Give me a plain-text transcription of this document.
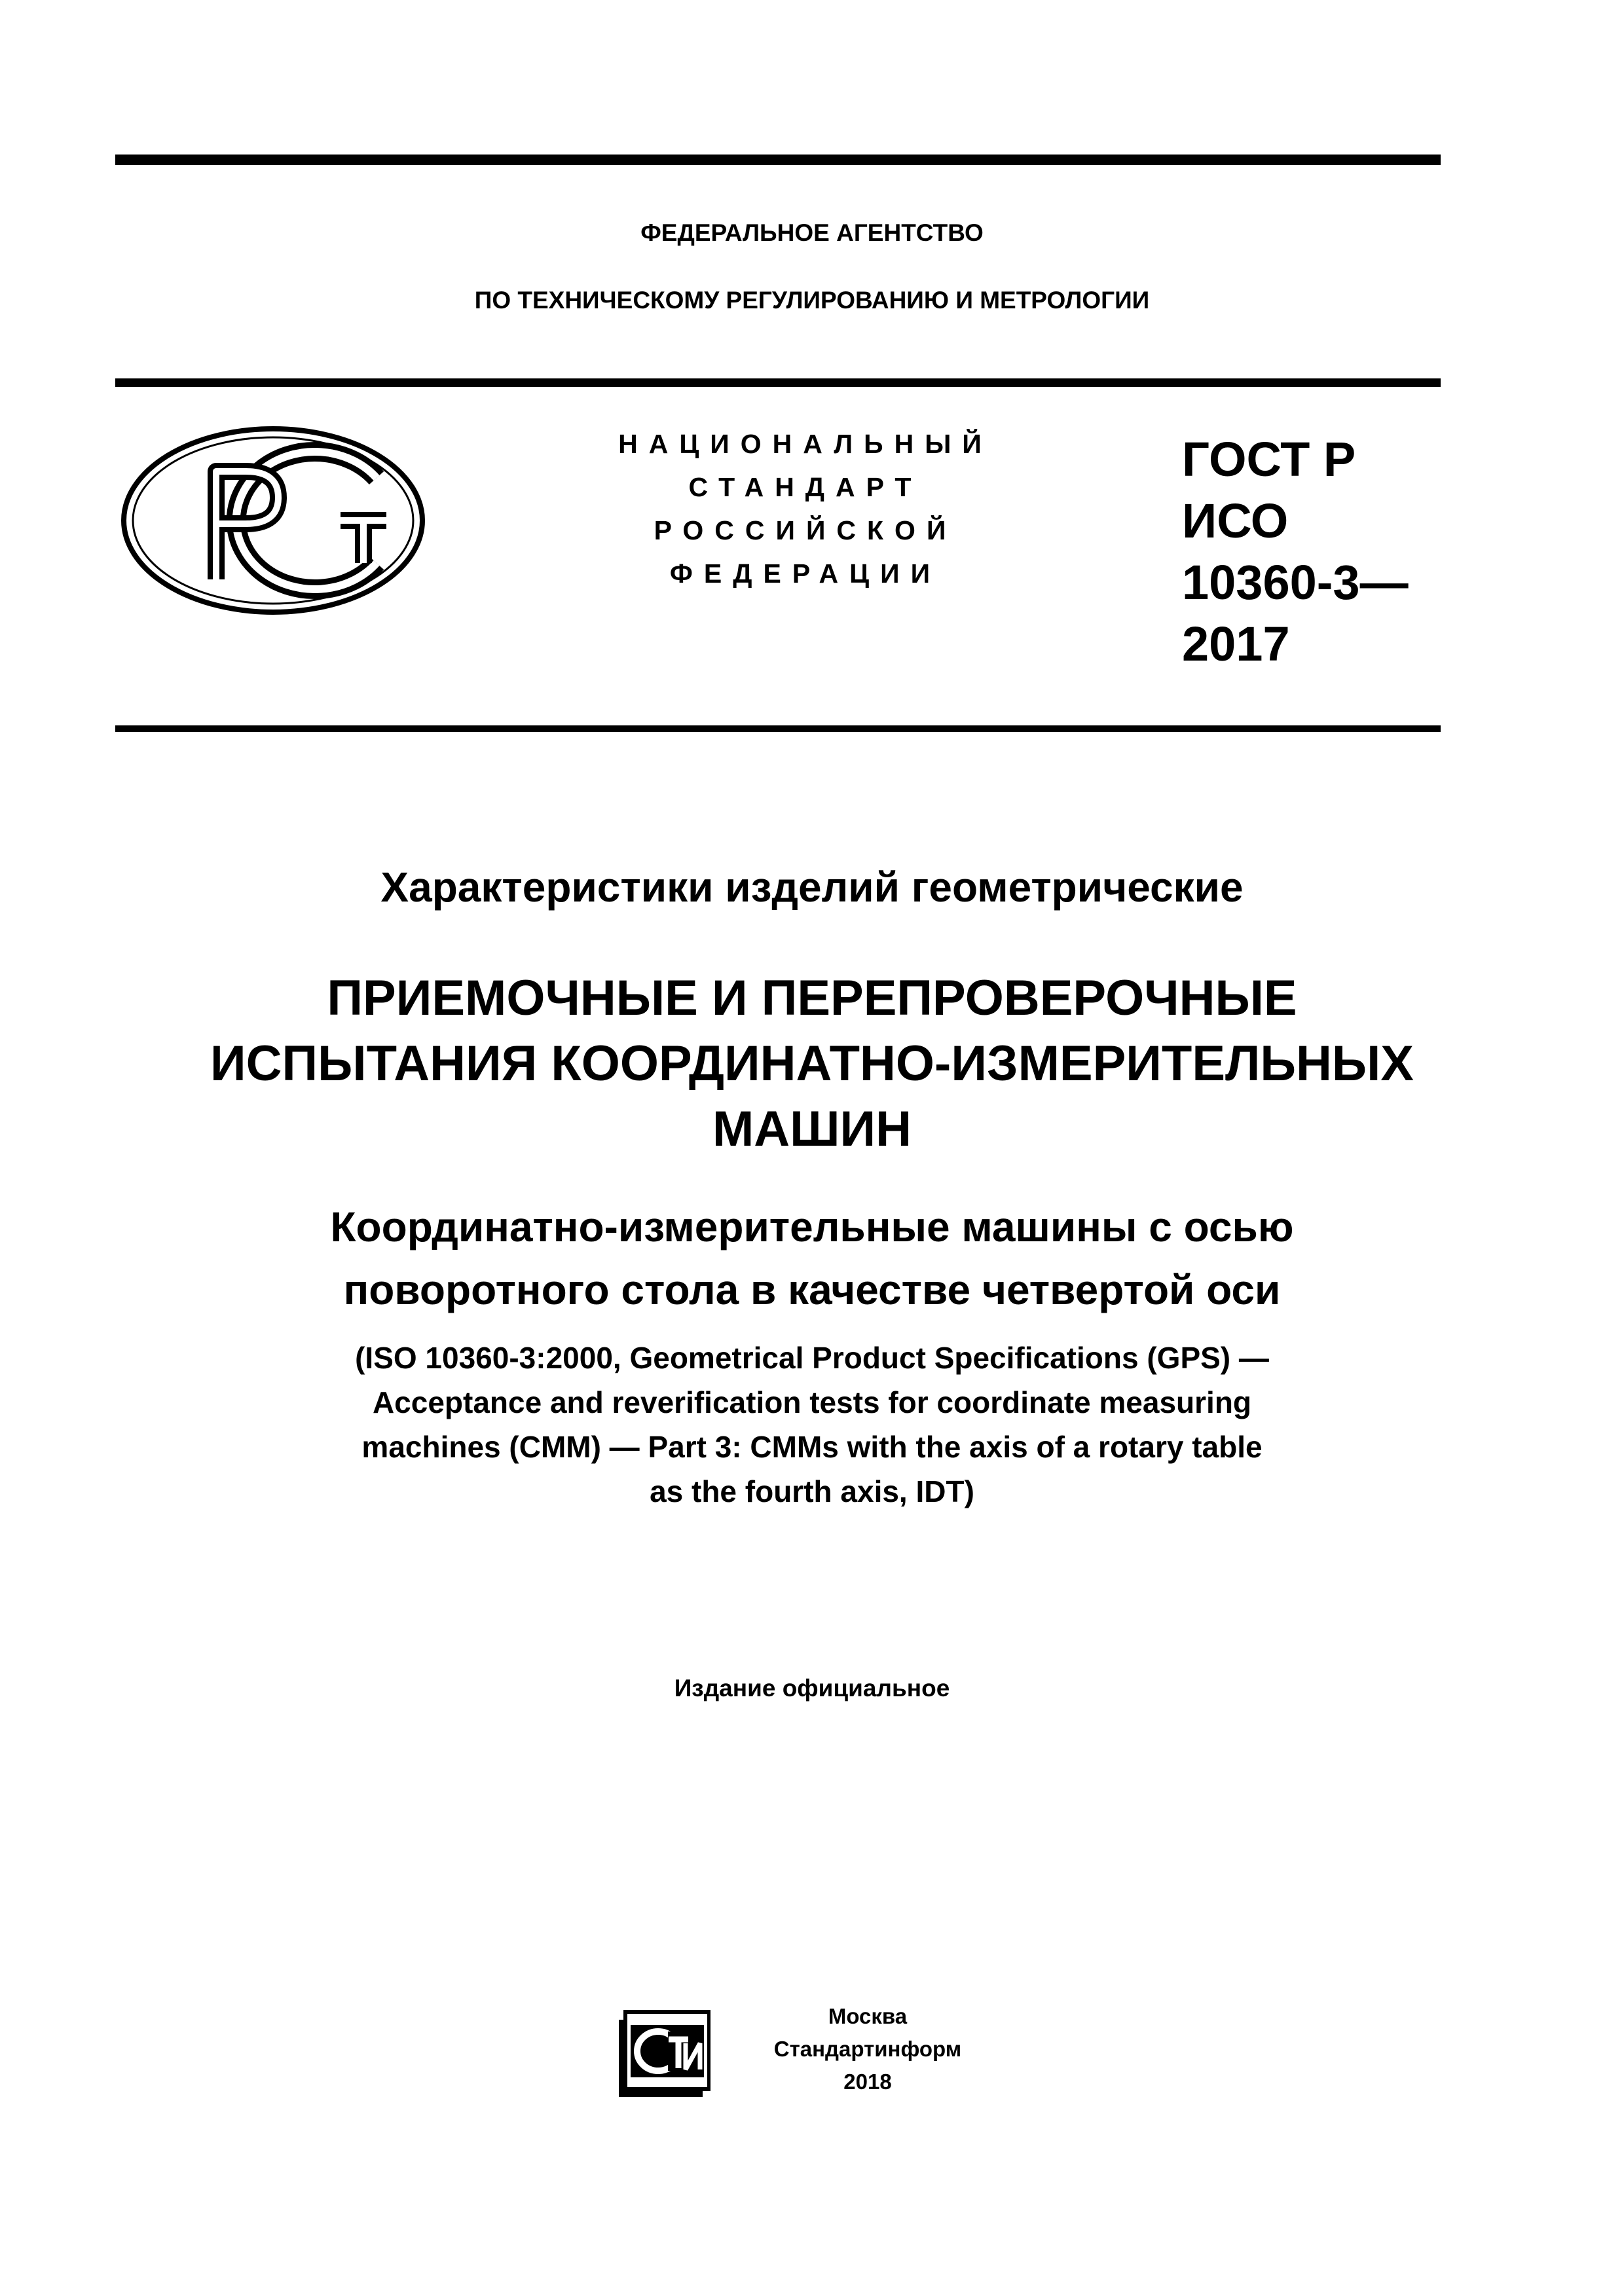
ФЕДЕРАЛЬНОЕ АГЕНТСТВО
ПО ТЕХНИЧЕСКОМУ РЕГУЛИРОВАНИЮ И МЕТРОЛОГИИ
НАЦИОНАЛЬНЫЙ
СТАНДАРТ
РОССИЙСКОЙ
ФЕДЕРАЦИИ
ГОСТ Р
ИСО
10360-3—
2017
Характеристики изделий геометрические
ПРИЕМОЧНЫЕ И ПЕРЕПРОВЕРОЧНЫЕ
ИСПЫТАНИЯ КООРДИНАТНО-ИЗМЕРИТЕЛЬНЫХ
МАШИН
Координатно-измерительные машины с осью
поворотного стола в качестве четвертой оси
(ISO 10360-3:2000, Geometrical Product Specifications (GPS) —
Acceptance and reverification tests for coordinate measuring
machines (CMM) — Part 3: CMMs with the axis of a rotary table
as the fourth axis, IDT)
Издание официальное
Москва
Стандартинформ
2018
